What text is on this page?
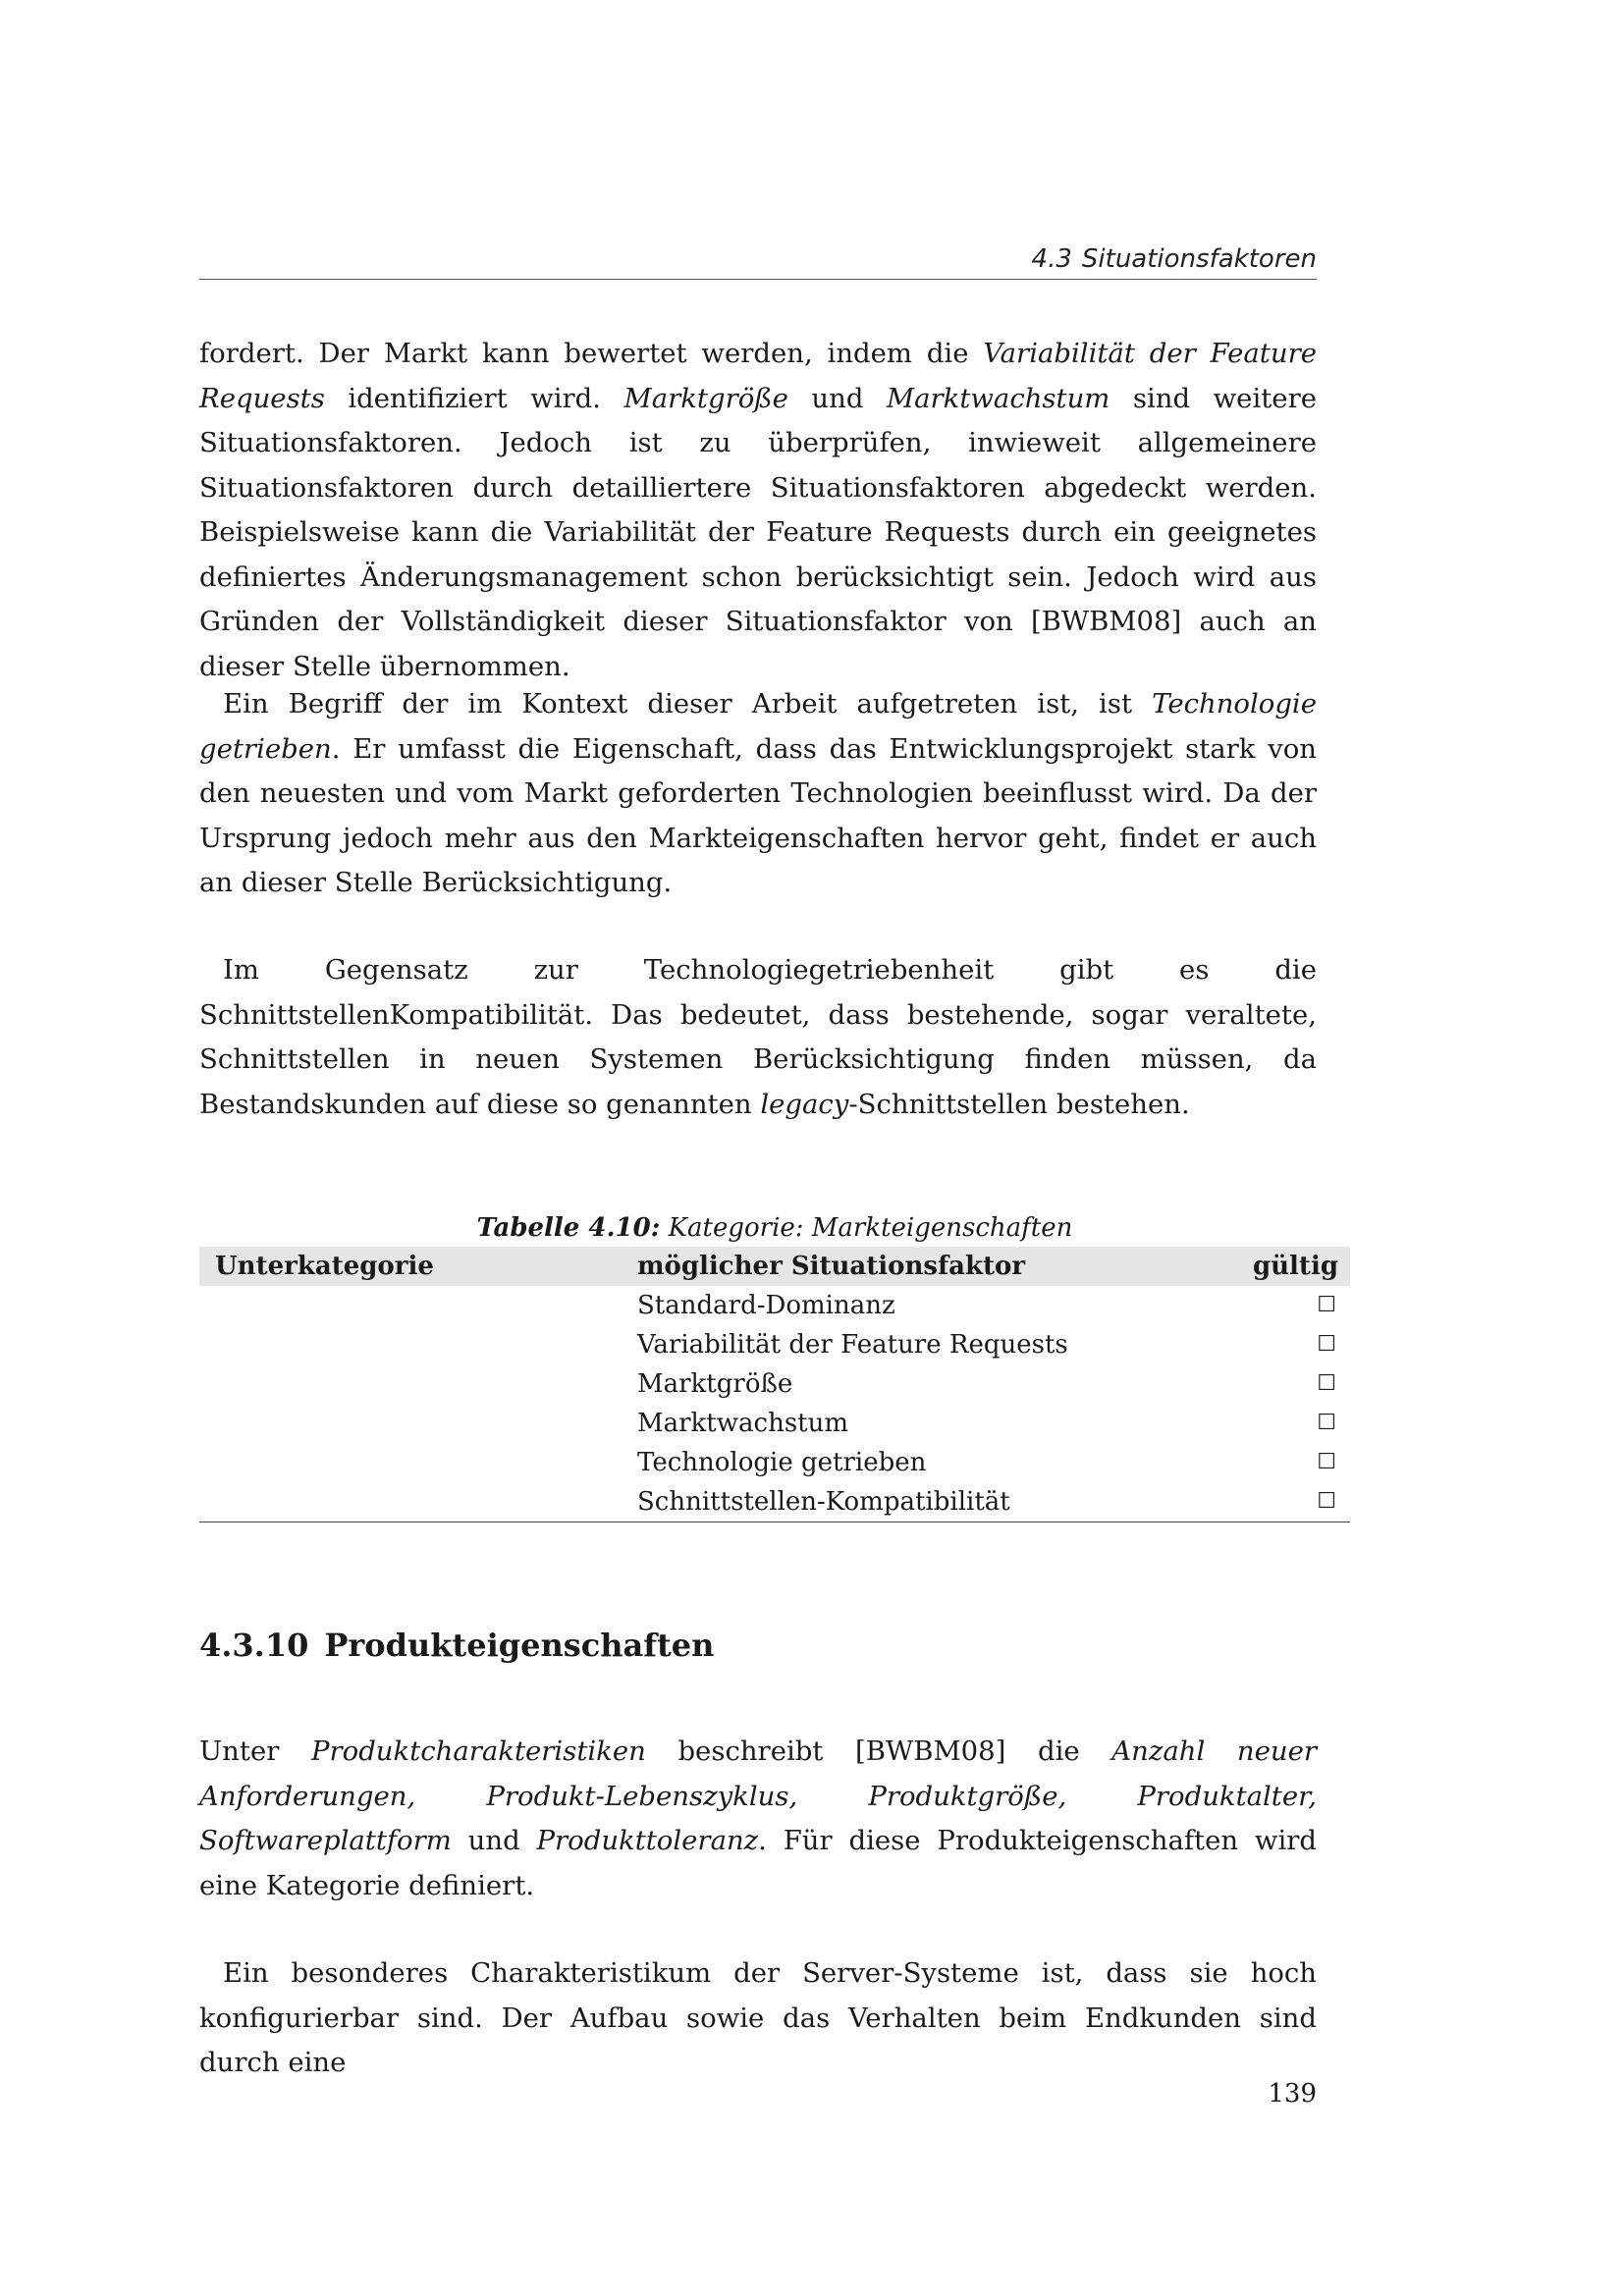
4.3 Situationsfaktoren

fordert. Der Markt kann bewertet werden, indem die Variabilität der Feature Requests identifiziert wird. Marktgröße und Marktwachstum sind weitere Situationsfaktoren. Jedoch ist zu überprüfen, inwieweit allgemeinere Situationsfaktoren durch detailliertere Situationsfaktoren abgedeckt werden. Beispielsweise kann die Variabilität der Feature Requests durch ein geeignetes definiertes Änderungsmanagement schon berücksichtigt sein. Jedoch wird aus Gründen der Vollständigkeit dieser Situationsfaktor von [BWBM08] auch an dieser Stelle übernommen.

Ein Begriff der im Kontext dieser Arbeit aufgetreten ist, ist Technologie getrieben. Er umfasst die Eigenschaft, dass das Entwicklungsprojekt stark von den neuesten und vom Markt geforderten Technologien beeinflusst wird. Da der Ursprung jedoch mehr aus den Markteigenschaften hervor geht, findet er auch an dieser Stelle Berücksichtigung.

Im Gegensatz zur Technologiegetriebenheit gibt es die SchnittstellenKompatibilität. Das bedeutet, dass bestehende, sogar veraltete, Schnittstellen in neuen Systemen Berücksichtigung finden müssen, da Bestandskunden auf diese so genannten legacy-Schnittstellen bestehen.

Tabelle 4.10: Kategorie: Markteigenschaften
Unterkategorie	möglicher Situationsfaktor	gültig
	Standard-Dominanz	☐
	Variabilität der Feature Requests	☐
	Marktgröße	☐
	Marktwachstum	☐
	Technologie getrieben	☐
	Schnittstellen-Kompatibilität	☐
4.3.10 Produkteigenschaften

Unter Produktcharakteristiken beschreibt [BWBM08] die Anzahl neuer Anforderungen, Produkt-Lebenszyklus, Produktgröße, Produktalter, Softwareplattform und Produkttoleranz. Für diese Produkteigenschaften wird eine Kategorie definiert.

Ein besonderes Charakteristikum der Server-Systeme ist, dass sie hoch konfigurierbar sind. Der Aufbau sowie das Verhalten beim Endkunden sind durch eine

139
